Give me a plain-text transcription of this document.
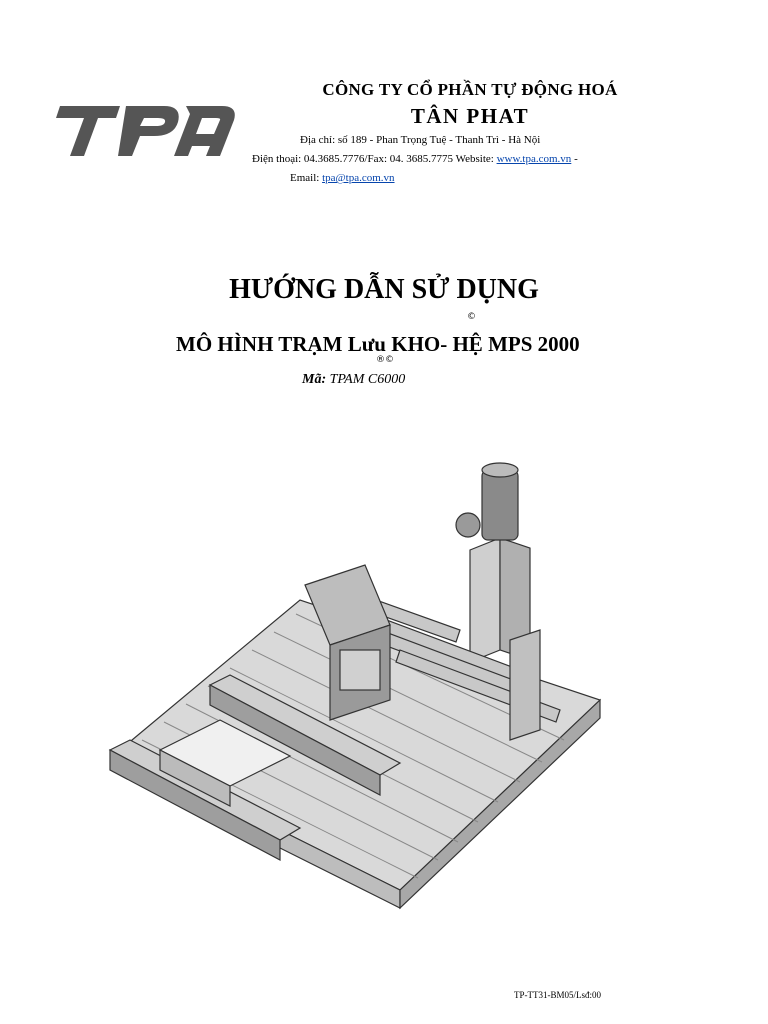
CÔNG TY CỔ PHẦN TỰ ĐỘNG HOÁ
TÂN PHAT
Địa chỉ: số 189 - Phan Trọng Tuệ - Thanh Trì - Hà Nội
Điện thoại: 04.3685.7776/Fax: 04. 3685.7775 Website: www.tpa.com.vn -
Email: tpa@tpa.com.vn
HƯỚNG DẪN SỬ DỤNG
©
MÔ HÌNH TRẠM Lưu KHO- HỆ MPS 2000
®©
Mã: TPAM C6000
TP-TT31-BM05/Lsđ:00
